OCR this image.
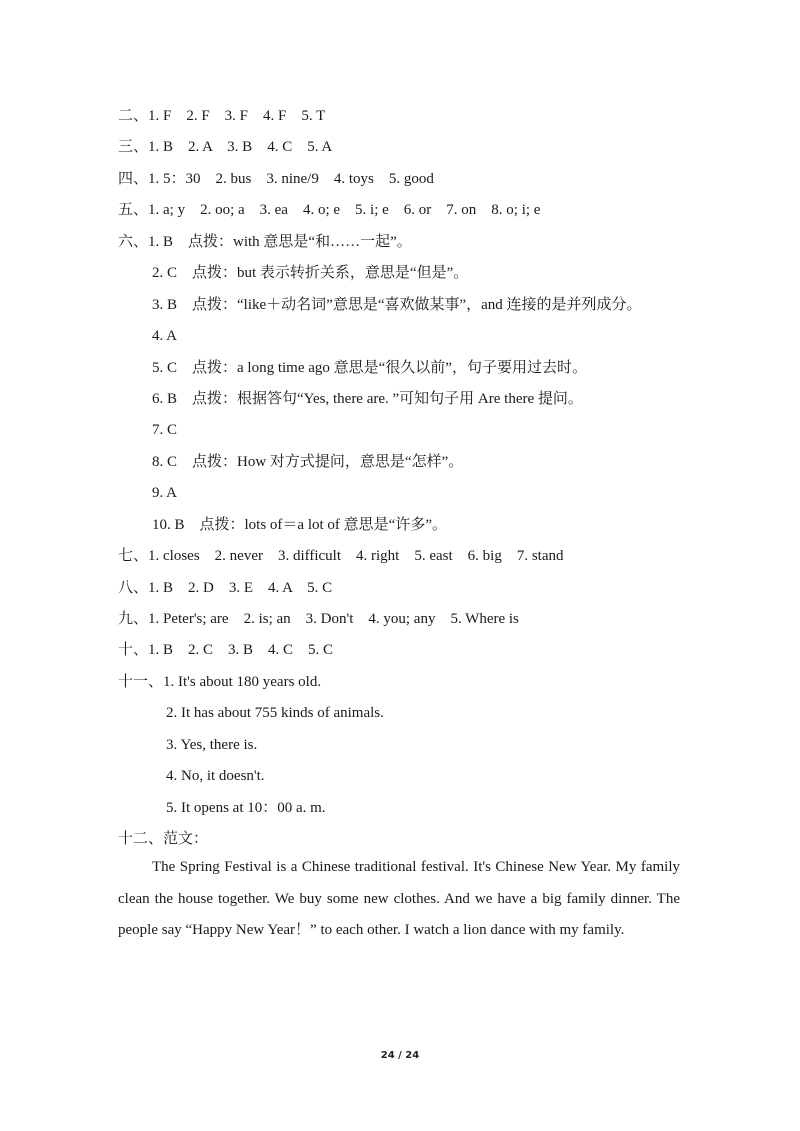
二、1. F　2. F　3. F　4. F　5. T
三、1. B　2. A　3. B　4. C　5. A
四、1. 5：30　2. bus　3. nine/9　4. toys　5. good
五、1. a; y　2. oo; a　3. ea　4. o; e　5. i; e　6. or　7. on　8. o; i; e
六、1. B　点拨：with 意思是“和……一起”。
2. C　点拨：but 表示转折关系，意思是“但是”。
3. B　点拨：“like＋动名词”意思是“喜欢做某事”，and 连接的是并列成分。
4. A
5. C　点拨：a long time ago 意思是“很久以前”，句子要用过去时。
6. B　点拨：根据答句“Yes, there are. ”可知句子用 Are there 提问。
7. C
8. C　点拨：How 对方式提问，意思是“怎样”。
9. A
10. B　点拨：lots of＝a lot of 意思是“许多”。
七、1. closes　2. never　3. difficult　4. right　5. east　6. big　7. stand
八、1. B　2. D　3. E　4. A　5. C
九、1. Peter's; are　2. is; an　3. Don't　4. you; any　5. Where is
十、1. B　2. C　3. B　4. C　5. C
十一、1. It's about 180 years old.
2. It has about 755 kinds of animals.
3. Yes, there is.
4. No, it doesn't.
5. It opens at 10：00 a. m.
十二、范文：

The Spring Festival is a Chinese traditional festival. It's Chinese New Year. My family clean the house together. We buy some new clothes. And we have a big family dinner. The people say “Happy New Year！” to each other. I watch a lion dance with my family.

24 / 24
